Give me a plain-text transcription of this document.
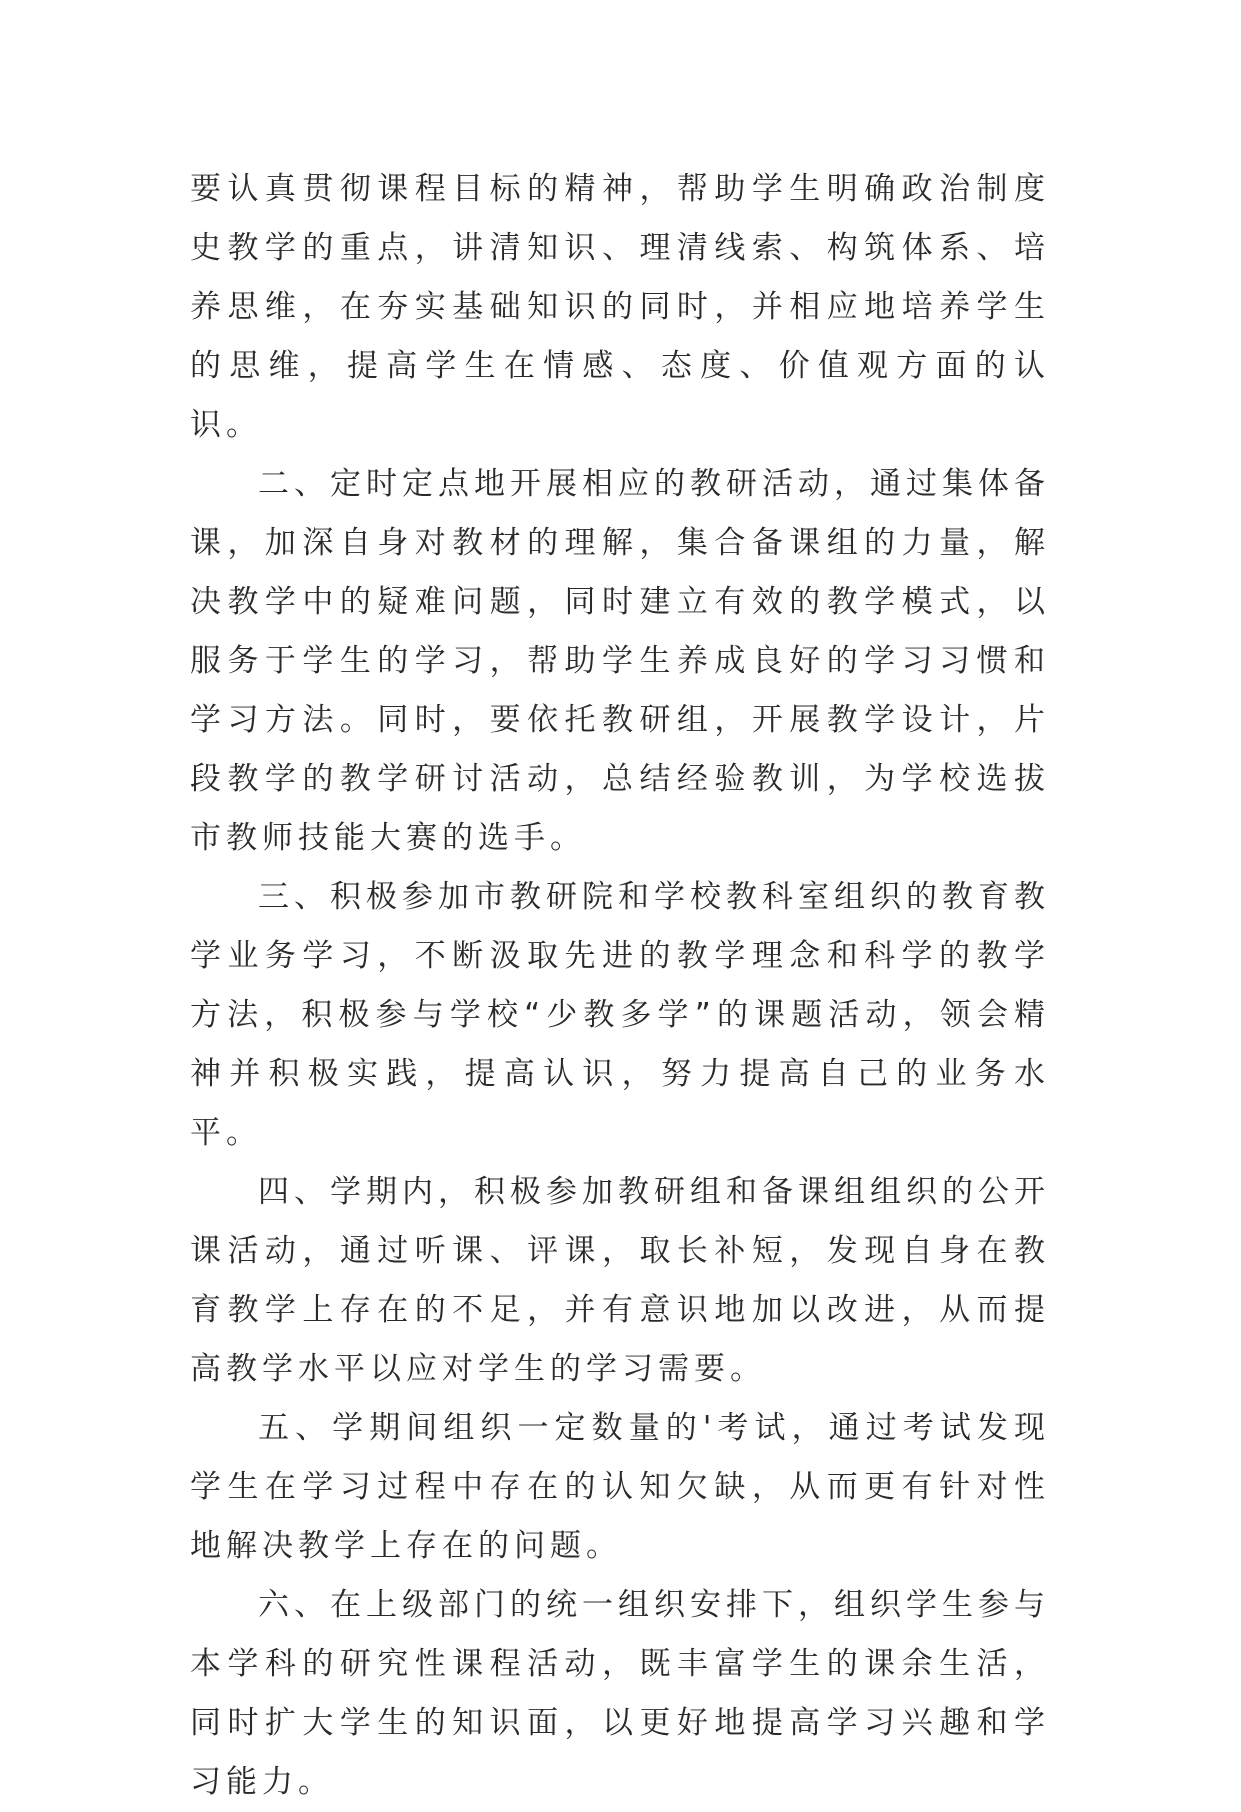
要认真贯彻课程目标的精神，帮助学生明确政治制度史教学的重点，讲清知识、理清线索、构筑体系、培养思维，在夯实基础知识的同时，并相应地培养学生的思维，提高学生在情感、态度、价值观方面的认识。

二、定时定点地开展相应的教研活动，通过集体备课，加深自身对教材的理解，集合备课组的力量，解决教学中的疑难问题，同时建立有效的教学模式，以服务于学生的学习，帮助学生养成良好的学习习惯和学习方法。同时，要依托教研组，开展教学设计，片段教学的教学研讨活动，总结经验教训，为学校选拔市教师技能大赛的选手。

三、积极参加市教研院和学校教科室组织的教育教学业务学习，不断汲取先进的教学理念和科学的教学方法，积极参与学校“少教多学”的课题活动，领会精神并积极实践，提高认识，努力提高自己的业务水平。

四、学期内，积极参加教研组和备课组组织的公开课活动，通过听课、评课，取长补短，发现自身在教育教学上存在的不足，并有意识地加以改进，从而提高教学水平以应对学生的学习需要。

五、学期间组织一定数量的'考试，通过考试发现学生在学习过程中存在的认知欠缺，从而更有针对性地解决教学上存在的问题。

六、在上级部门的统一组织安排下，组织学生参与本学科的研究性课程活动，既丰富学生的课余生活，同时扩大学生的知识面，以更好地提高学习兴趣和学习能力。
